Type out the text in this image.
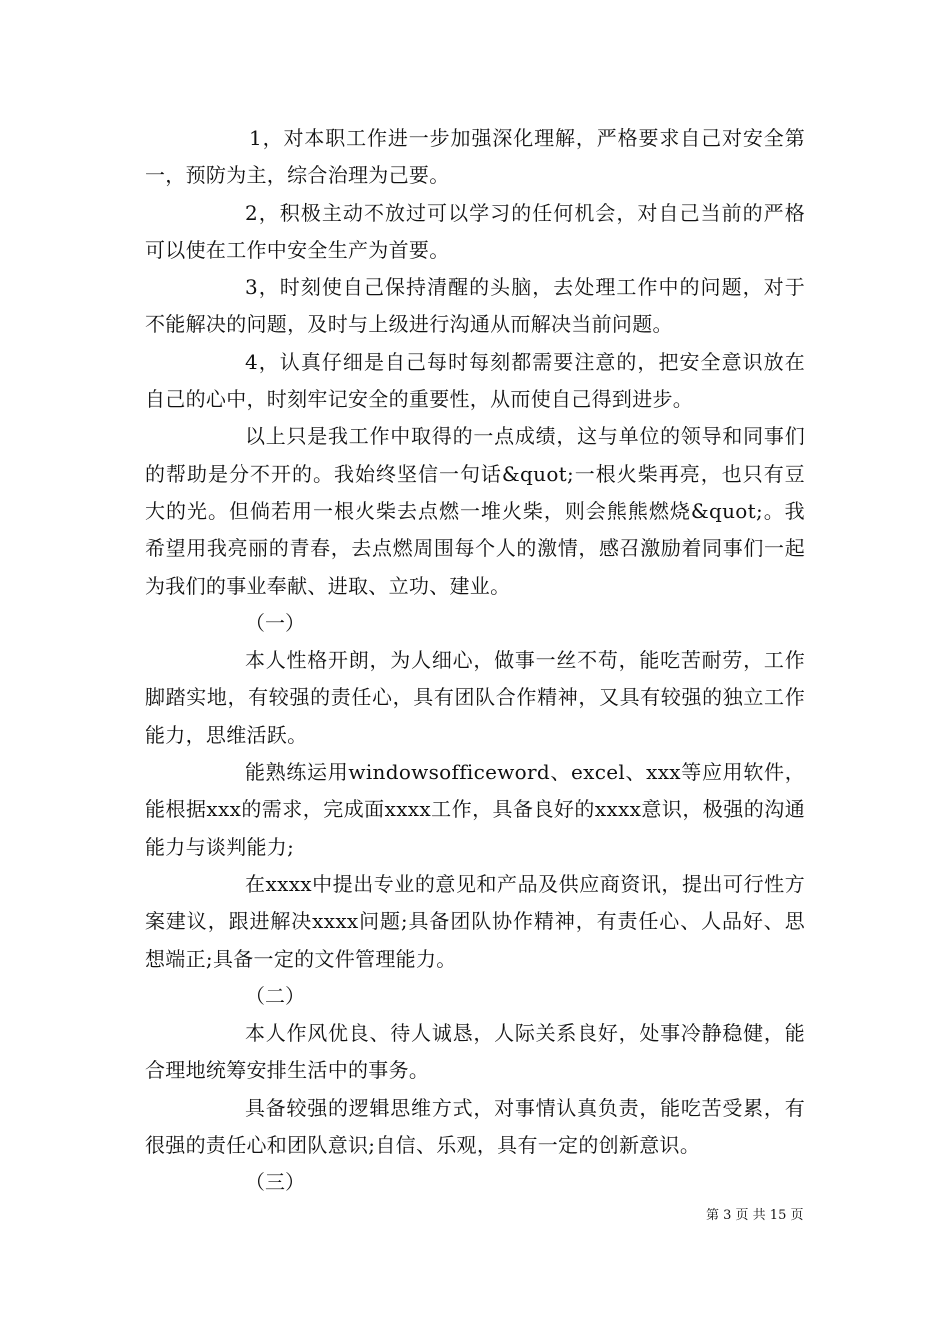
1，对本职工作进一步加强深化理解，严格要求自己对安全第一，预防为主，综合治理为己要。

2，积极主动不放过可以学习的任何机会，对自己当前的严格可以使在工作中安全生产为首要。

3，时刻使自己保持清醒的头脑，去处理工作中的问题，对于不能解决的问题，及时与上级进行沟通从而解决当前问题。

4，认真仔细是自己每时每刻都需要注意的，把安全意识放在自己的心中，时刻牢记安全的重要性，从而使自己得到进步。

以上只是我工作中取得的一点成绩，这与单位的领导和同事们的帮助是分不开的。我始终坚信一句话&quot;一根火柴再亮，也只有豆大的光。但倘若用一根火柴去点燃一堆火柴，则会熊熊燃烧&quot;。我希望用我亮丽的青春，去点燃周围每个人的激情，感召激励着同事们一起为我们的事业奉献、进取、立功、建业。

（一）

本人性格开朗，为人细心，做事一丝不苟，能吃苦耐劳，工作脚踏实地，有较强的责任心，具有团队合作精神，又具有较强的独立工作能力，思维活跃。

能熟练运用windowsofficeword、excel、xxx等应用软件，能根据xxx的需求，完成面xxxx工作，具备良好的xxxx意识，极强的沟通能力与谈判能力;

在xxxx中提出专业的意见和产品及供应商资讯，提出可行性方案建议，跟进解决xxxx问题;具备团队协作精神，有责任心、人品好、思想端正;具备一定的文件管理能力。

（二）

本人作风优良、待人诚恳，人际关系良好，处事冷静稳健，能合理地统筹安排生活中的事务。

具备较强的逻辑思维方式，对事情认真负责，能吃苦受累，有很强的责任心和团队意识;自信、乐观，具有一定的创新意识。

（三）

第 3 页 共 15 页
